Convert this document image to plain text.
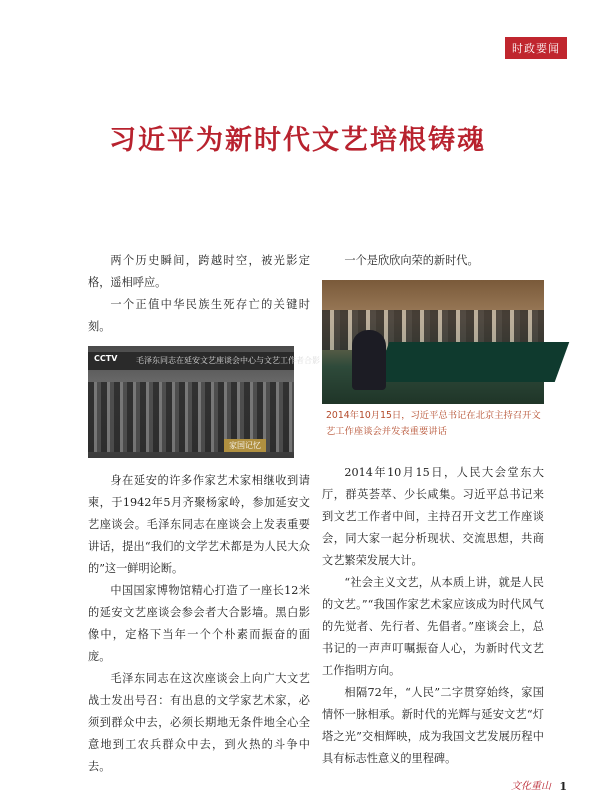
时政要闻
习近平为新时代文艺培根铸魂

两个历史瞬间，跨越时空，被光影定格，遥相呼应。

一个正值中华民族生死存亡的关键时刻。

身在延安的许多作家艺术家相继收到请柬，于1942年5月齐聚杨家岭，参加延安文艺座谈会。毛泽东同志在座谈会上发表重要讲话，提出“我们的文学艺术都是为人民大众的”这一鲜明论断。

中国国家博物馆精心打造了一座长12米的延安文艺座谈会参会者大合影墙。黑白影像中，定格下当年一个个朴素而振奋的面庞。

毛泽东同志在这次座谈会上向广大文艺战士发出号召：有出息的文学家艺术家，必须到群众中去，必须长期地无条件地全心全意地到工农兵群众中去，到火热的斗争中去。

毛泽东同志在延安文艺座谈会中心与文艺工作者合影
CCTV
家国记忆

一个是欣欣向荣的新时代。

2014年10月15日，人民大会堂东大厅，群英荟萃、少长咸集。习近平总书记来到文艺工作者中间，主持召开文艺工作座谈会，同大家一起分析现状、交流思想，共商文艺繁荣发展大计。

“社会主义文艺，从本质上讲，就是人民的文艺。”“我国作家艺术家应该成为时代风气的先觉者、先行者、先倡者。”座谈会上，总书记的一声声叮嘱振奋人心，为新时代文艺工作指明方向。

相隔72年，“人民”二字贯穿始终，家国情怀一脉相承。新时代的光辉与延安文艺“灯塔之光”交相辉映，成为我国文艺发展历程中具有标志性意义的里程碑。

2014年10月15日，习近平总书记在北京主持召开文艺工作座谈会并发表重要讲话
文化重山 1
